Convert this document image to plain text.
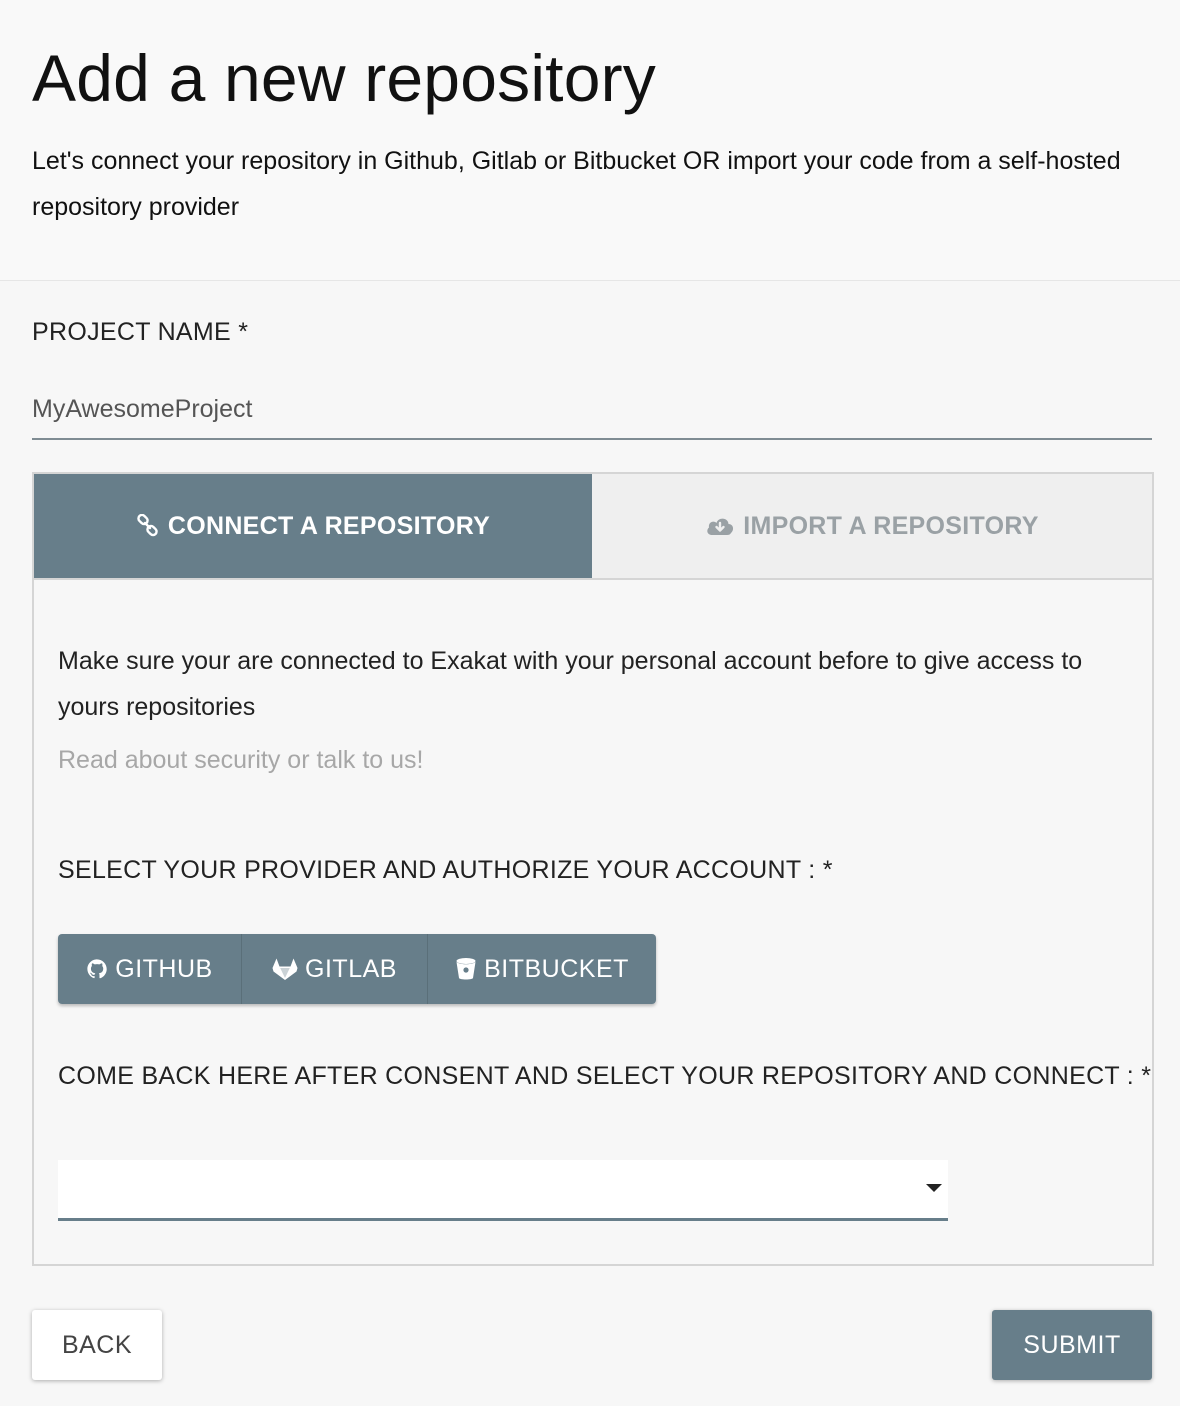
Add a new repository

Let's connect your repository in Github, Gitlab or Bitbucket OR import your code from a self-hosted repository provider

PROJECT NAME *
MyAwesomeProject
CONNECT A REPOSITORY	IMPORT A REPOSITORY

Make sure your are connected to Exakat with your personal account before to give access to yours repositories

Read about security or talk to us!
SELECT YOUR PROVIDER AND AUTHORIZE YOUR ACCOUNT : *
GITHUB	GITLAB	BITBUCKET
COME BACK HERE AFTER CONSENT AND SELECT YOUR REPOSITORY AND CONNECT : *
BACK	SUBMIT
